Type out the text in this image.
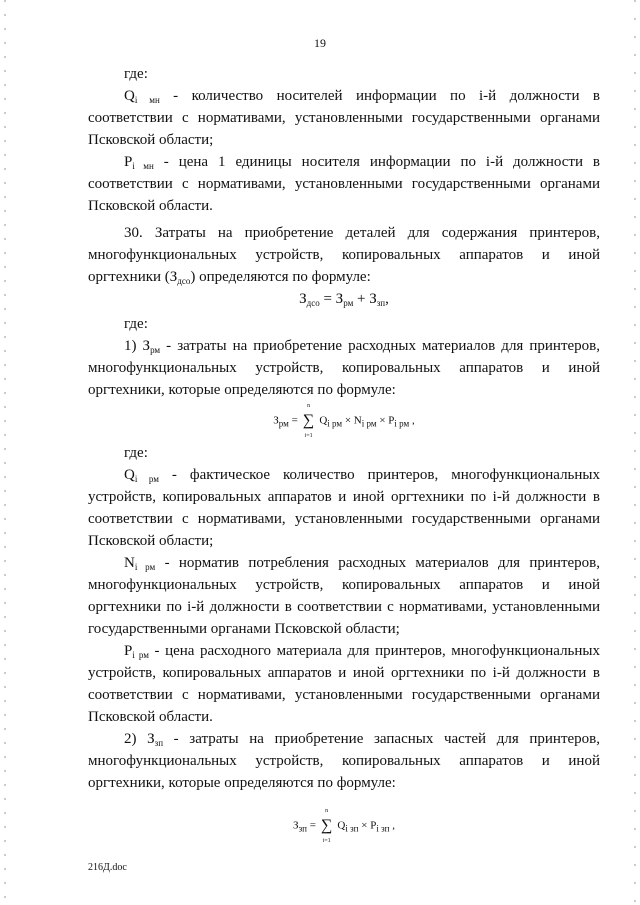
19

где:

$Q_{i мн}$ - количество носителей информации по i-й должности в соответствии с нормативами, установленными государственными органами Псковской области;

$P_{i мн}$ - цена 1 единицы носителя информации по i-й должности в соответствии с нормативами, установленными государственными органами Псковской области.

30. Затраты на приобретение деталей для содержания принтеров, многофункциональных устройств, копировальных аппаратов и иной оргтехники $(З_{дсо})$ определяются по формуле:

$З_{дсо} = З_{рм} + З_{зп}$,

где:

1) $З_{рм}$ - затраты на приобретение расходных материалов для принтеров, многофункциональных устройств, копировальных аппаратов и иной оргтехники, которые определяются по формуле:

$З_{рм}$ =
n
∑
i=1
$Q_{i рм} \times N_{i рм} \times P_{i рм}$ ,

где:

$Q_{i рм}$ - фактическое количество принтеров, многофункциональных устройств, копировальных аппаратов и иной оргтехники по i-й должности в соответствии с нормативами, установленными государственными органами Псковской области;

$N_{i рм}$ - норматив потребления расходных материалов для принтеров, многофункциональных устройств, копировальных аппаратов и иной оргтехники по i-й должности в соответствии с нормативами, установленными государственными органами Псковской области;

$P_{i рм}$ - цена расходного материала для принтеров, многофункциональных устройств, копировальных аппаратов и иной оргтехники по i-й должности в соответствии с нормативами, установленными государственными органами Псковской области.

2) $З_{зп}$ - затраты на приобретение запасных частей для принтеров, многофункциональных устройств, копировальных аппаратов и иной оргтехники, которые определяются по формуле:

$З_{зп}$ =
n
∑
i=1
$Q_{i зп} \times P_{i зп}$ ,
216Д.doc
